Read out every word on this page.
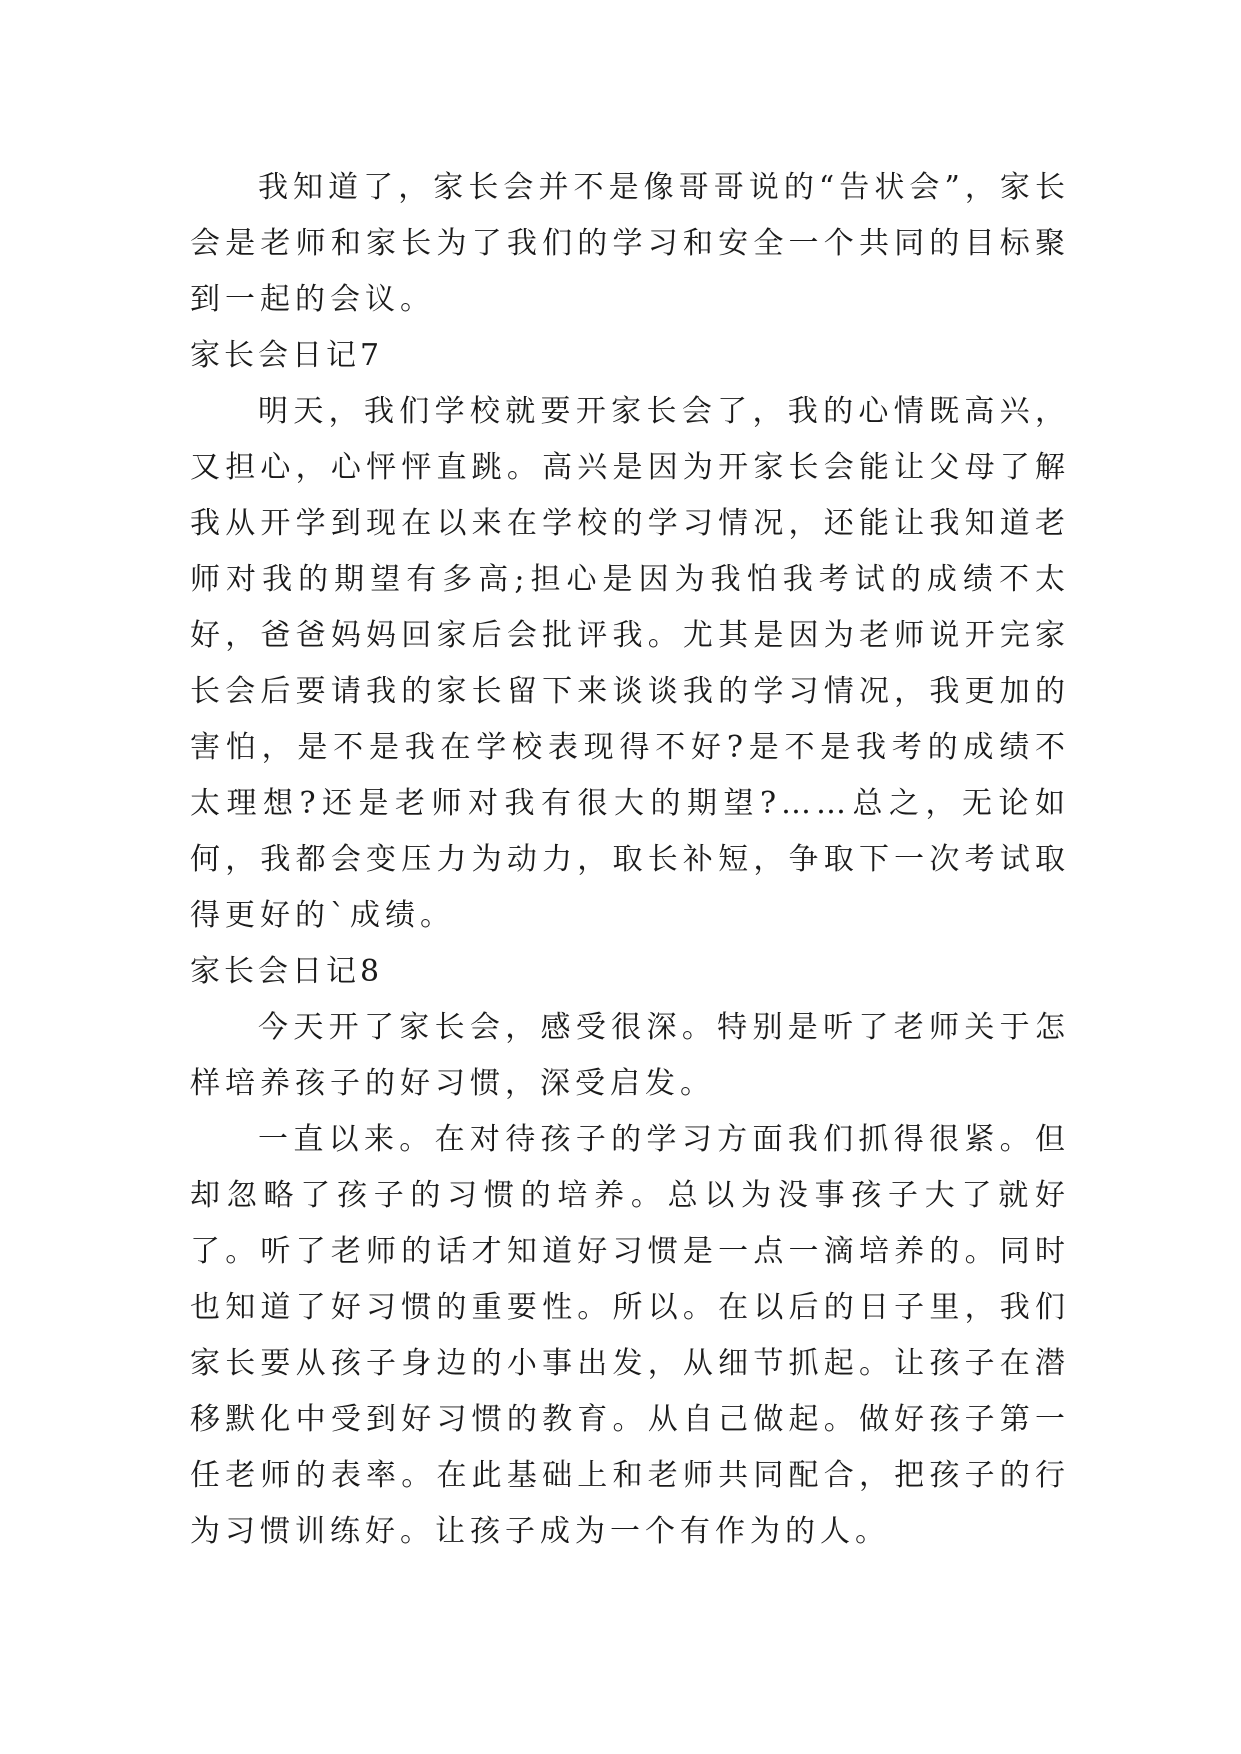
我知道了，家长会并不是像哥哥说的“告状会”，家长会是老师和家长为了我们的学习和安全一个共同的目标聚到一起的会议。

家长会日记7

明天，我们学校就要开家长会了，我的心情既高兴，又担心，心怦怦直跳。高兴是因为开家长会能让父母了解我从开学到现在以来在学校的学习情况，还能让我知道老师对我的期望有多高;担心是因为我怕我考试的成绩不太好，爸爸妈妈回家后会批评我。尤其是因为老师说开完家长会后要请我的家长留下来谈谈我的学习情况，我更加的害怕，是不是我在学校表现得不好?是不是我考的成绩不太理想?还是老师对我有很大的期望?……总之，无论如何，我都会变压力为动力，取长补短，争取下一次考试取得更好的`成绩。

家长会日记8

今天开了家长会，感受很深。特别是听了老师关于怎样培养孩子的好习惯，深受启发。

一直以来。在对待孩子的学习方面我们抓得很紧。但却忽略了孩子的习惯的培养。总以为没事孩子大了就好了。听了老师的话才知道好习惯是一点一滴培养的。同时也知道了好习惯的重要性。所以。在以后的日子里，我们家长要从孩子身边的小事出发，从细节抓起。让孩子在潜移默化中受到好习惯的教育。从自己做起。做好孩子第一任老师的表率。在此基础上和老师共同配合，把孩子的行为习惯训练好。让孩子成为一个有作为的人。
